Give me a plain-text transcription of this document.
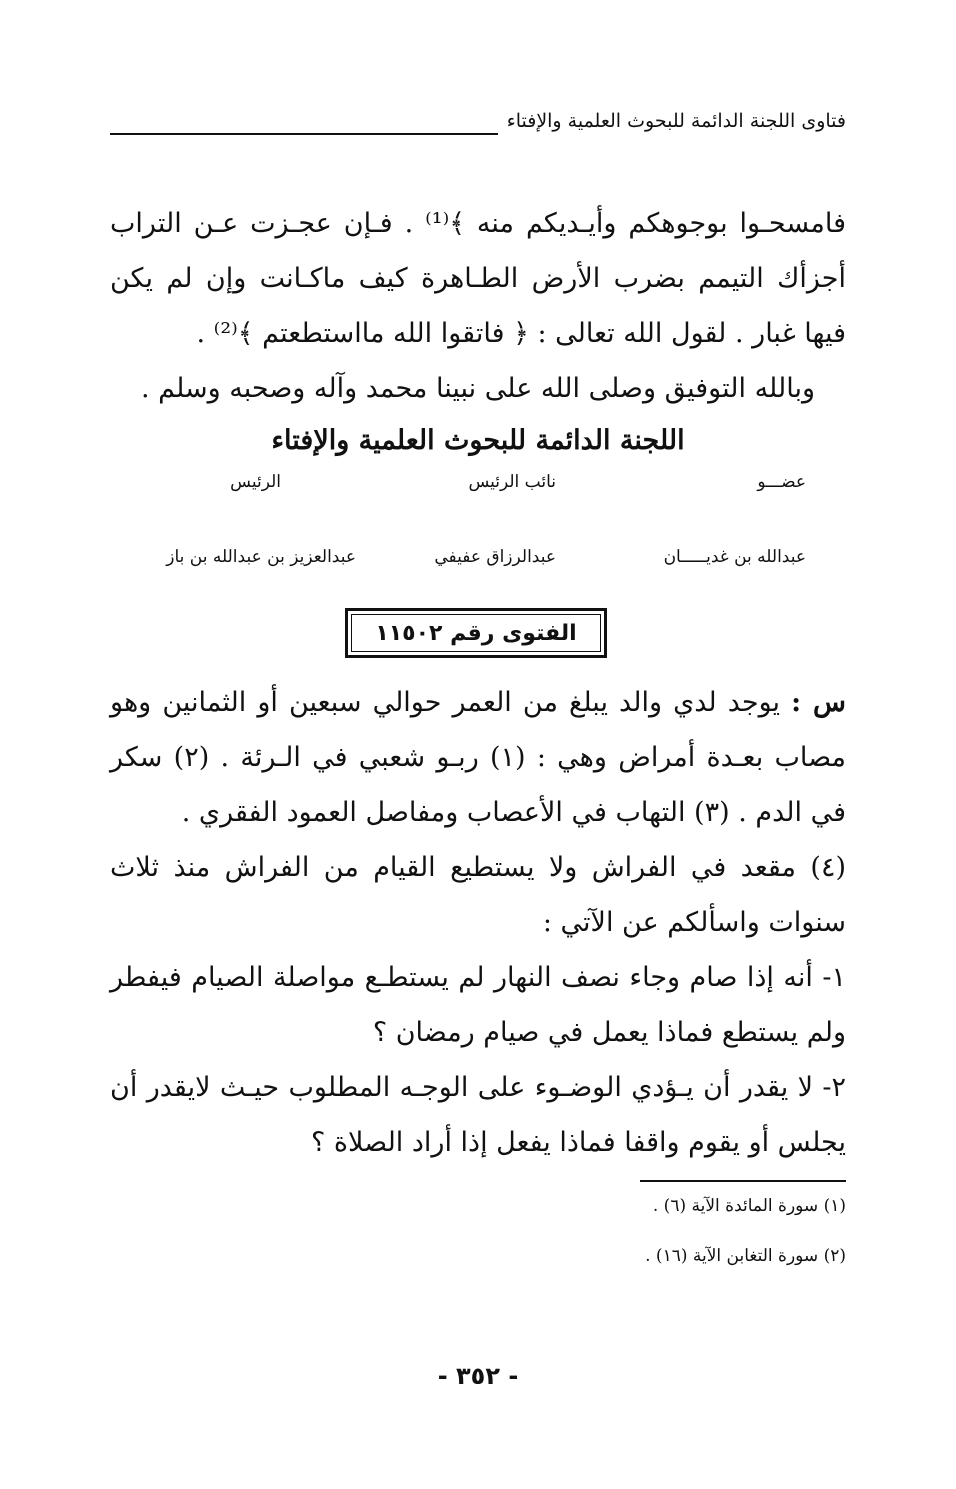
فتاوى اللجنة الدائمة للبحوث العلمية والإفتاء

فامسحـوا بوجوهكم وأيـديكم منه ﴾⁽¹⁾ . فـإن عجـزت عـن التراب أجزأك التيمم بضرب الأرض الطـاهرة كيف ماكـانت وإن لم يكن فيها غبار . لقول الله تعالى : ﴿ فاتقوا الله مااستطعتم ﴾⁽²⁾ .

وبالله التوفيق وصلى الله على نبينا محمد وآله وصحبه وسلم .

اللجنة الدائمة للبحوث العلمية والإفتاء

عضـــو
نائب الرئيس
الرئيس
عبدالله بن غديـــــان
عبدالرزاق عفيفي
عبدالعزيز بن عبدالله بن باز
الفتوى رقم ١١٥٠٢

س : يوجد لدي والد يبلغ من العمر حوالي سبعين أو الثمانين وهو مصاب بعـدة أمراض وهي : (١) ربـو شعبي في الـرئة . (٢) سكر في الدم . (٣) التهاب في الأعصاب ومفاصل العمود الفقري .

(٤) مقعد في الفراش ولا يستطيع القيام من الفراش منذ ثلاث سنوات واسألكم عن الآتي :

١- أنه إذا صام وجاء نصف النهار لم يستطـع مواصلة الصيام فيفطر ولم يستطع فماذا يعمل في صيام رمضان ؟

٢- لا يقدر أن يـؤدي الوضـوء على الوجـه المطلوب حيـث لايقدر أن يجلس أو يقوم واقفا فماذا يفعل إذا أراد الصلاة ؟

(١) سورة المائدة الآية (٦) .
(٢) سورة التغابن الآية (١٦) .
- ٣٥٢ -
